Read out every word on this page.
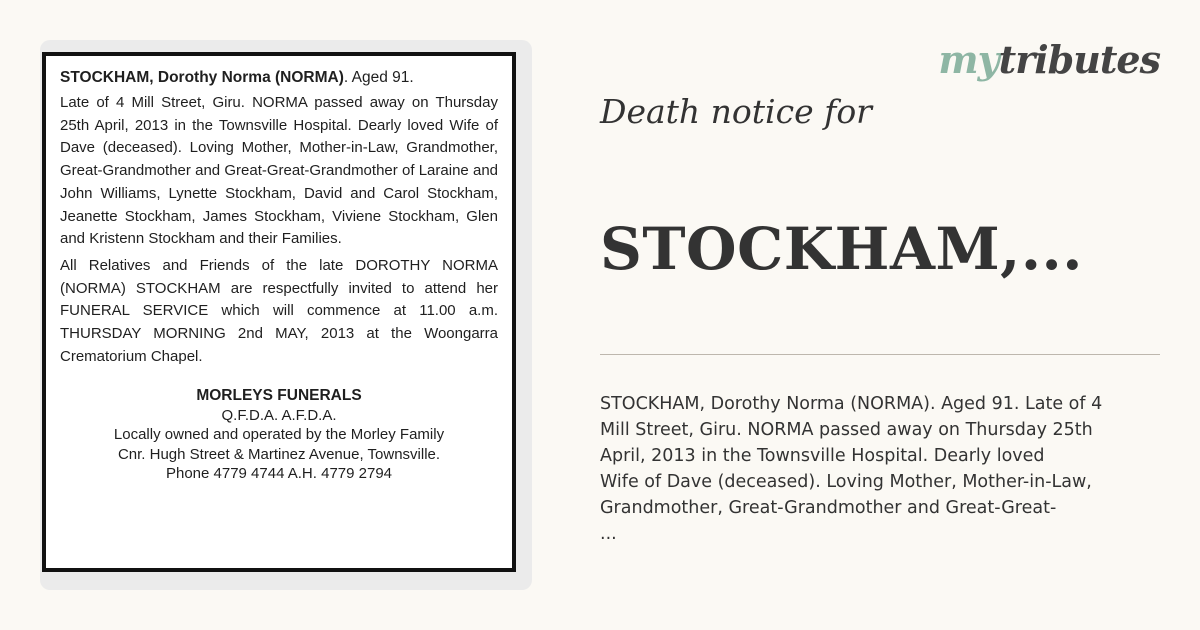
STOCKHAM, Dorothy Norma (NORMA). Aged 91.

Late of 4 Mill Street, Giru. NORMA passed away on Thursday 25th April, 2013 in the Townsville Hospital. Dearly loved Wife of Dave (deceased). Loving Mother, Mother-in-Law, Grandmother, Great-Grandmother and Great-Great-Grandmother of Laraine and John Williams, Lynette Stockham, David and Carol Stockham, Jeanette Stockham, James Stockham, Viviene Stockham, Glen and Kristenn Stockham and their Families.

All Relatives and Friends of the late DOROTHY NORMA (NORMA) STOCKHAM are respectfully invited to attend her FUNERAL SERVICE which will commence at 11.00 a.m. THURSDAY MORNING 2nd MAY, 2013 at the Woongarra Crematorium Chapel.

MORLEYS FUNERALS
Q.F.D.A. A.F.D.A.
Locally owned and operated by the Morley Family
Cnr. Hugh Street & Martinez Avenue, Townsville.
Phone 4779 4744 A.H. 4779 2794
mytributes
Death notice for
STOCKHAM,...
STOCKHAM, Dorothy Norma (NORMA). Aged 91. Late of 4
Mill Street, Giru. NORMA passed away on Thursday 25th
April, 2013 in the Townsville Hospital. Dearly loved
Wife of Dave (deceased). Loving Mother, Mother-in-Law,
Grandmother, Great-Grandmother and Great-Great-
...
